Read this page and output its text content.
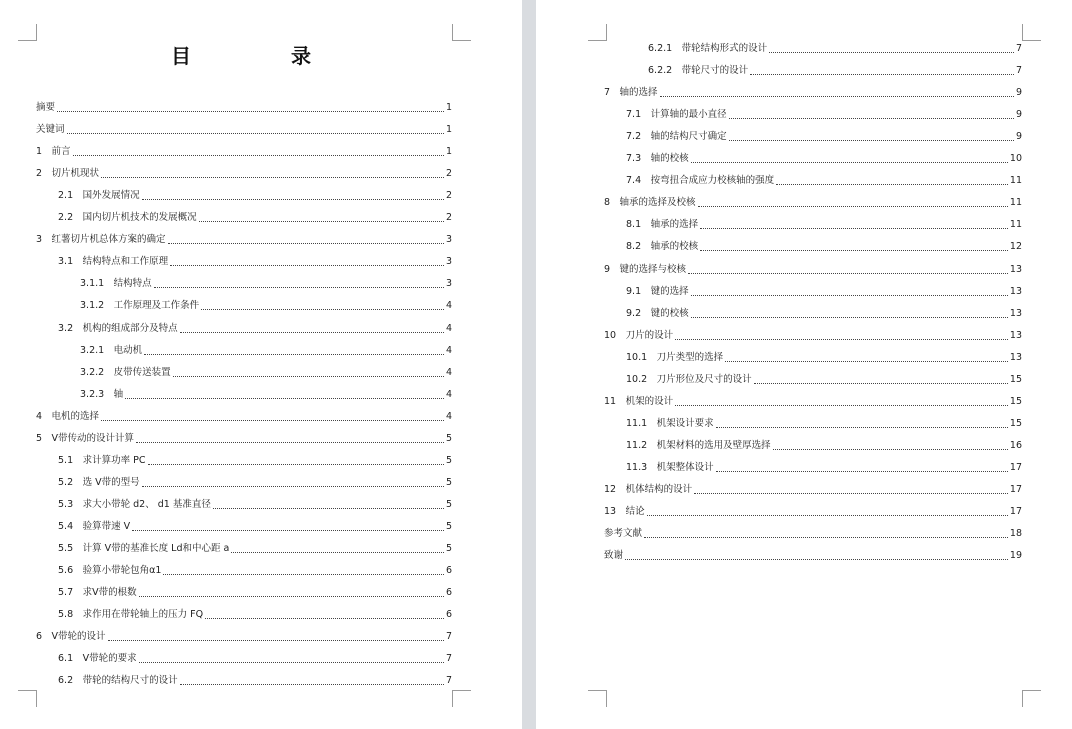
目　录
摘要	1
关键词	1
1　前言	1
2　切片机现状	2
2.1　国外发展情况	2
2.2　国内切片机技术的发展概况	2
3　红薯切片机总体方案的确定	3
3.1　结构特点和工作原理	3
3.1.1　结构特点	3
3.1.2　工作原理及工作条件	4
3.2　机构的组成部分及特点	4
3.2.1　电动机	4
3.2.2　皮带传送装置	4
3.2.3　轴	4
4　电机的选择	4
5　V带传动的设计计算	5
5.1　求计算功率 PC	5
5.2　选 V带的型号	5
5.3　求大小带轮 d2、 d1 基准直径	5
5.4　验算带速 V	5
5.5　计算 V带的基准长度 Ld和中心距 a	5
5.6　验算小带轮包角α1	6
5.7　求V带的根数	6
5.8　求作用在带轮轴上的压力 FQ	6
6　V带轮的设计	7
6.1　V带轮的要求	7
6.2　带轮的结构尺寸的设计	7
6.2.1　带轮结构形式的设计	7
6.2.2　带轮尺寸的设计	7
7　轴的选择	9
7.1　计算轴的最小直径	9
7.2　轴的结构尺寸确定	9
7.3　轴的校核	10
7.4　按弯扭合成应力校核轴的强度	11
8　轴承的选择及校核	11
8.1　轴承的选择	11
8.2　轴承的校核	12
9　键的选择与校核	13
9.1　键的选择	13
9.2　键的校核	13
10　刀片的设计	13
10.1　刀片类型的选择	13
10.2　刀片形位及尺寸的设计	15
11　机架的设计	15
11.1　机架设计要求	15
11.2　机架材料的选用及壁厚选择	16
11.3　机架整体设计	17
12　机体结构的设计	17
13　结论	17
参考文献	18
致谢	19
